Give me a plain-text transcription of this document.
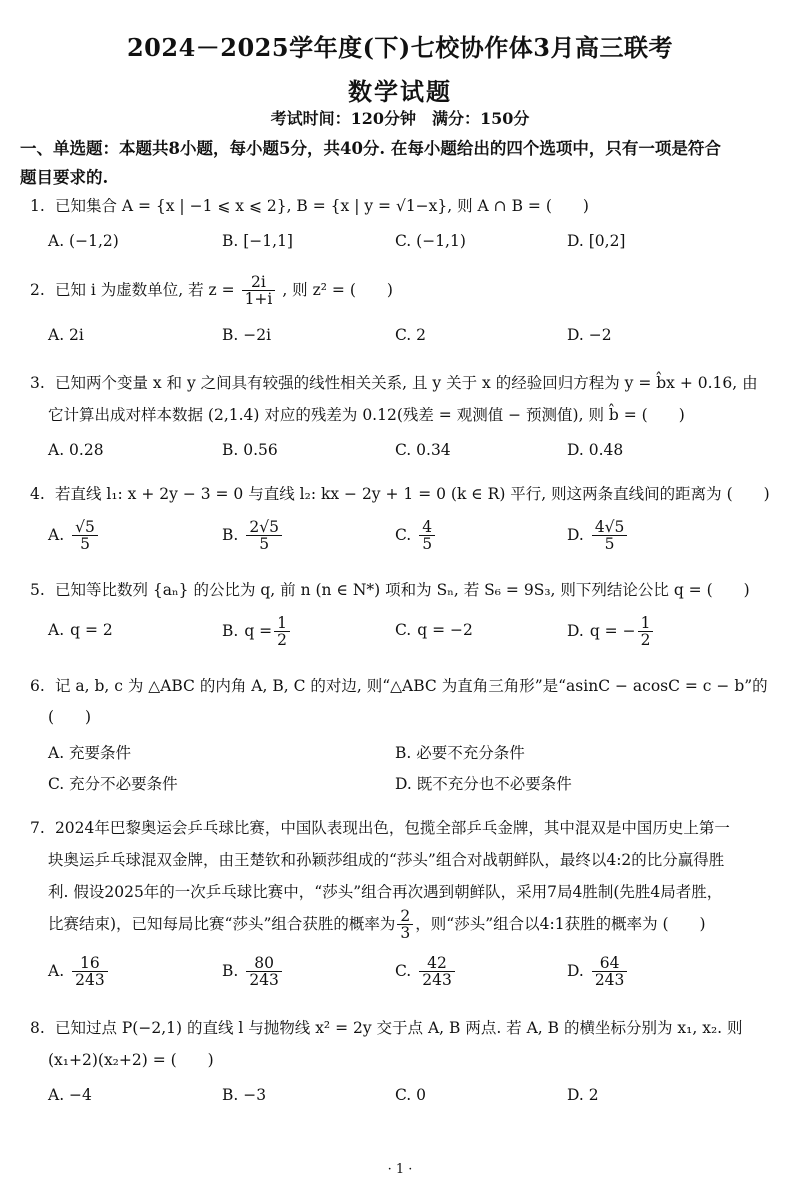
2024－2025学年度(下)七校协作体3月高三联考
数学试题
考试时间：120分钟　满分：150分
一、单选题：本题共8小题，每小题5分，共40分. 在每小题给出的四个选项中，只有一项是符合
题目要求的.
1. 已知集合 A = {x | −1 ⩽ x ⩽ 2}, B = {x | y = √1−x}, 则 A ∩ B = (　　)
A. (−1,2)	B. [−1,1]	C. (−1,1)	D. [0,2]
2. 已知 i 为虚数单位, 若 $z = \frac{2i}{1+i}$ , 则 z² = (　　)
A. 2i	B. −2i	C. 2	D. −2
3. 已知两个变量 x 和 y 之间具有较强的线性相关关系, 且 y 关于 x 的经验回归方程为 y = b̂x + 0.16, 由
它计算出成对样本数据 (2,1.4) 对应的残差为 0.12(残差 = 观测值 − 预测值), 则 b̂ = (　　)
A. 0.28	B. 0.56	C. 0.34	D. 0.48
4. 若直线 l₁: x + 2y − 3 = 0 与直线 l₂: kx − 2y + 1 = 0 (k ∈ R) 平行, 则这两条直线间的距离为 (　　)
A. $\frac{√5}{5}$	B. $\frac{2√5}{5}$	C. $\frac{4}{5}$	D. $\frac{4√5}{5}$
5. 已知等比数列 {aₙ} 的公比为 q, 前 n (n ∈ N*) 项和为 Sₙ, 若 S₆ = 9S₃, 则下列结论公比 q = (　　)
A. q = 2	B. $q = \frac{1}{2}$	C. q = −2	D. q = − $\frac{1}{2}$
6. 记 a, b, c 为 △ABC 的内角 A, B, C 的对边, 则“△ABC 为直角三角形”是“asinC − acosC = c − b”的
(　　)
A. 充要条件	B. 必要不充分条件
C. 充分不必要条件	D. 既不充分也不必要条件
7. 2024年巴黎奥运会乒乓球比赛，中国队表现出色，包揽全部乒乓金牌，其中混双是中国历史上第一
块奥运乒乓球混双金牌，由王楚钦和孙颖莎组成的“莎头”组合对战朝鲜队，最终以4:2的比分赢得胜
利. 假设2025年的一次乒乓球比赛中，“莎头”组合再次遇到朝鲜队，采用7局4胜制(先胜4局者胜，
比赛结束)，已知每局比赛“莎头”组合获胜的概率为 $\frac{2}{3}$ ，则“莎头”组合以4:1获胜的概率为 (　　)
A. $\frac{16}{243}$	B. $\frac{80}{243}$	C. $\frac{42}{243}$	D. $\frac{64}{243}$
8. 已知过点 P(−2,1) 的直线 l 与抛物线 x² = 2y 交于点 A, B 两点. 若 A, B 的横坐标分别为 x₁, x₂. 则
(x₁+2)(x₂+2) = (　　)
A. −4	B. −3	C. 0	D. 2
· 1 ·
